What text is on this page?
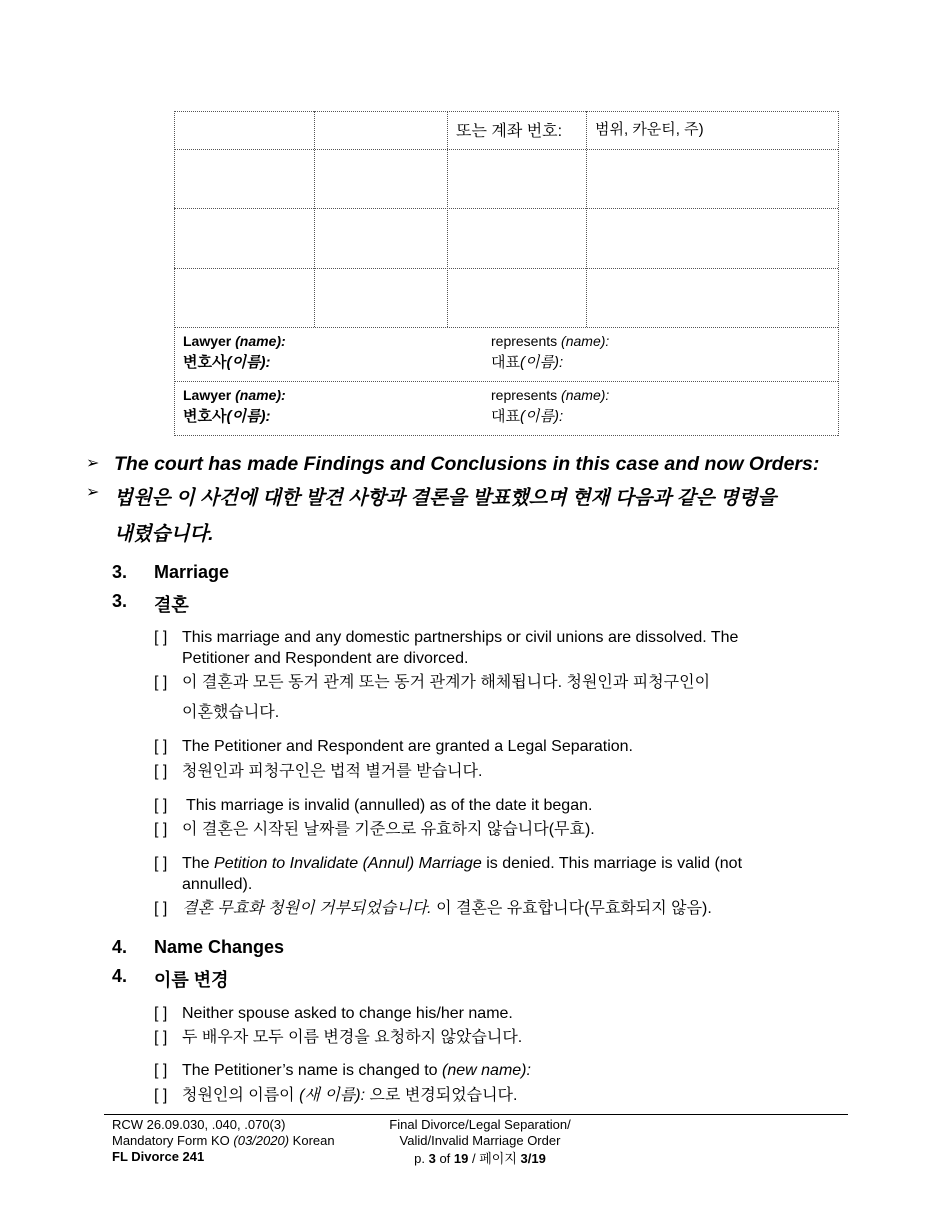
또는 계좌 번호: 범위, 카운티, 주)
Lawyer (name):
변호사(이름):
represents (name):
대표(이름):
Lawyer (name):
변호사(이름):
represents (name):
대표(이름):
➢ The court has made Findings and Conclusions in this case and now Orders:
➢ 법원은 이 사건에 대한 발견 사항과 결론을 발표했으며 현재 다음과 같은 명령을
내렸습니다.
3. Marriage
3. 결혼
[ ] This marriage and any domestic partnerships or civil unions are dissolved. The Petitioner and Respondent are divorced.
[ ] 이 결혼과 모든 동거 관계 또는 동거 관계가 해체됩니다. 청원인과 피청구인이
이혼했습니다.
[ ] The Petitioner and Respondent are granted a Legal Separation.
[ ] 청원인과 피청구인은 법적 별거를 받습니다.
[ ] This marriage is invalid (annulled) as of the date it began.
[ ] 이 결혼은 시작된 날짜를 기준으로 유효하지 않습니다(무효).
[ ] The Petition to Invalidate (Annul) Marriage is denied. This marriage is valid (not annulled).
[ ] 결혼 무효화 청원이 거부되었습니다. 이 결혼은 유효합니다(무효화되지 않음).
4. Name Changes
4. 이름 변경
[ ] Neither spouse asked to change his/her name.
[ ] 두 배우자 모두 이름 변경을 요청하지 않았습니다.
[ ] The Petitioner’s name is changed to (new name):
[ ] 청원인의 이름이 (새 이름): 으로 변경되었습니다.
RCW 26.09.030, .040, .070(3)
Mandatory Form KO (03/2020) Korean
FL Divorce 241
Final Divorce/Legal Separation/
Valid/Invalid Marriage Order
p. 3 of 19 / 페이지 3/19
